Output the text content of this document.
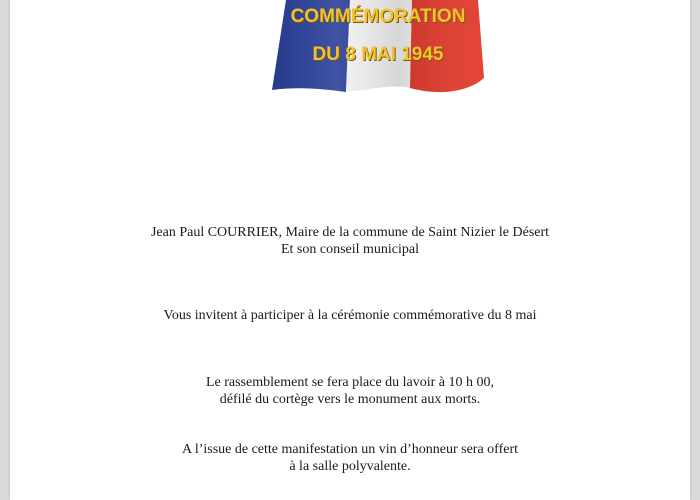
COMMÉMORATION
DU 8 MAI 1945
Jean Paul COURRIER, Maire de la commune de Saint Nizier le Désert
Et son conseil municipal
Vous invitent à participer à la cérémonie commémorative du 8 mai
Le rassemblement se fera place du lavoir à 10 h 00,
défilé du cortège vers le monument aux morts.
A l’issue de cette manifestation un vin d’honneur sera offert
à la salle polyvalente.
